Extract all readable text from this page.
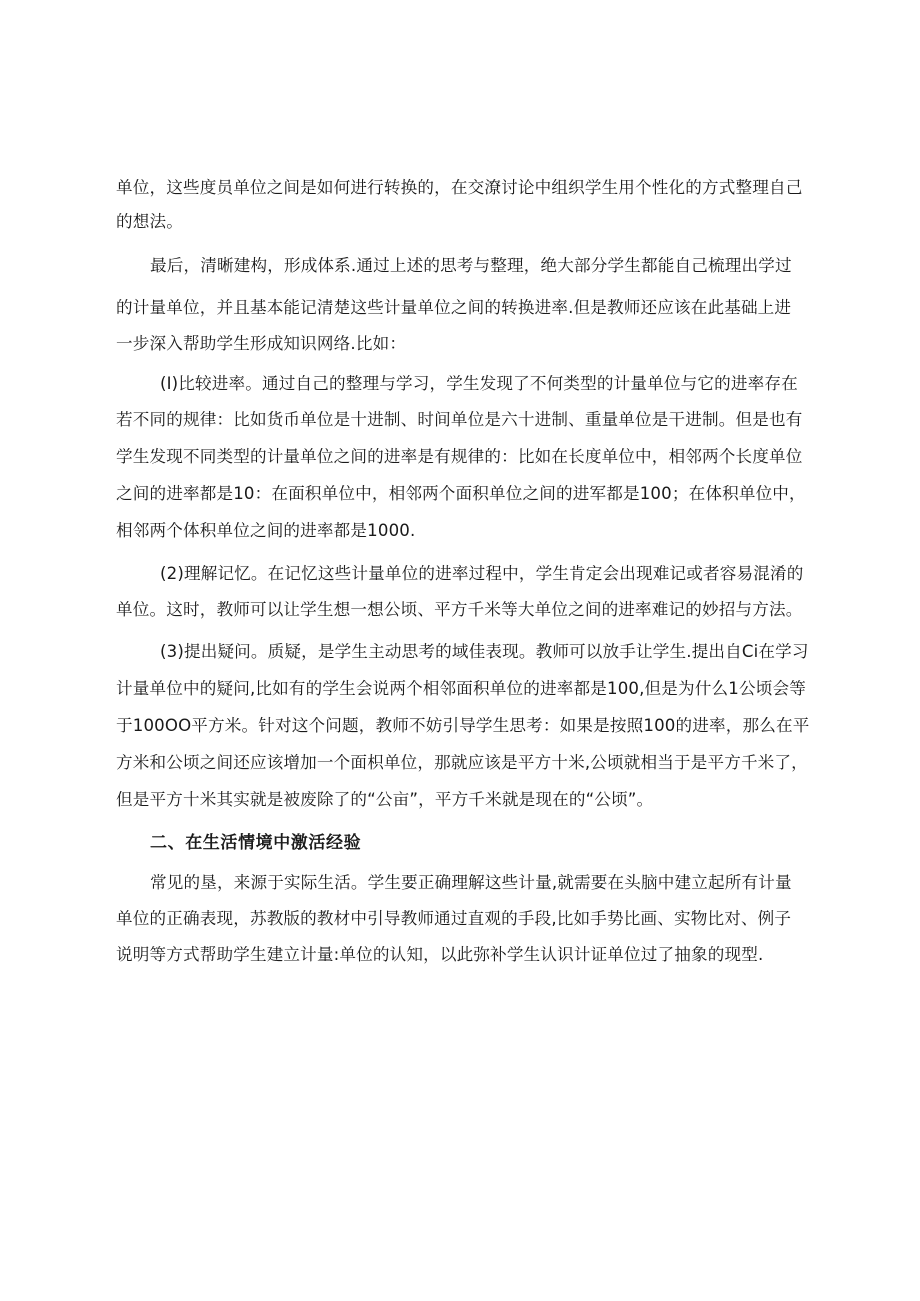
单位，这些度员单位之间是如何进行转换的，在交潦讨论中组织学生用个性化的方式整理自己
的想法。
最后，清晰建构，形成体系.通过上述的思考与整理，绝大部分学生都能自己梳理出学过
的计量单位，并且基本能记清楚这些计量单位之间的转换进率.但是教师还应该在此基础上进
一步深入帮助学生形成知识网络.比如：
(I)比较进率。通过自己的整理与学习，学生发现了不何类型的计量单位与它的进率存在
若不同的规律：比如货币单位是十进制、时间单位是六十进制、重量单位是干进制。但是也有
学生发现不同类型的计量单位之间的进率是有规律的：比如在长度单位中，相邻两个长度单位
之间的进率都是10：在面积单位中，相邻两个面积单位之间的进军都是100；在体积单位中，
相邻两个体积单位之间的进率都是1000.
(2)理解记忆。在记忆这些计量单位的进率过程中，学生肯定会出现难记或者容易混淆的
单位。这时，教师可以让学生想一想公顷、平方千米等大单位之间的进率难记的妙招与方法。
(3)提出疑问。质疑，是学生主动思考的域佳表现。教师可以放手让学生.提出自Ci在学习
计量单位中的疑问,比如有的学生会说两个相邻面积单位的进率都是100,但是为什么1公顷会等
于100OO平方米。针对这个问题，教师不妨引导学生思考：如果是按照100的进率，那么在平
方米和公顷之间还应该增加一个面枳单位，那就应该是平方十米,公顷就相当于是平方千米了，
但是平方十米其实就是被废除了的“公亩”，平方千米就是现在的“公顷”。
二、在生活情境中激活经验
常见的垦，来源于实际生活。学生要正确理解这些计量,就需要在头脑中建立起所有计量
单位的正确表现，苏教版的教材中引导教师通过直观的手段,比如手势比画、实物比对、例子
说明等方式帮助学生建立计量:单位的认知，以此弥补学生认识计证单位过了抽象的现型.
